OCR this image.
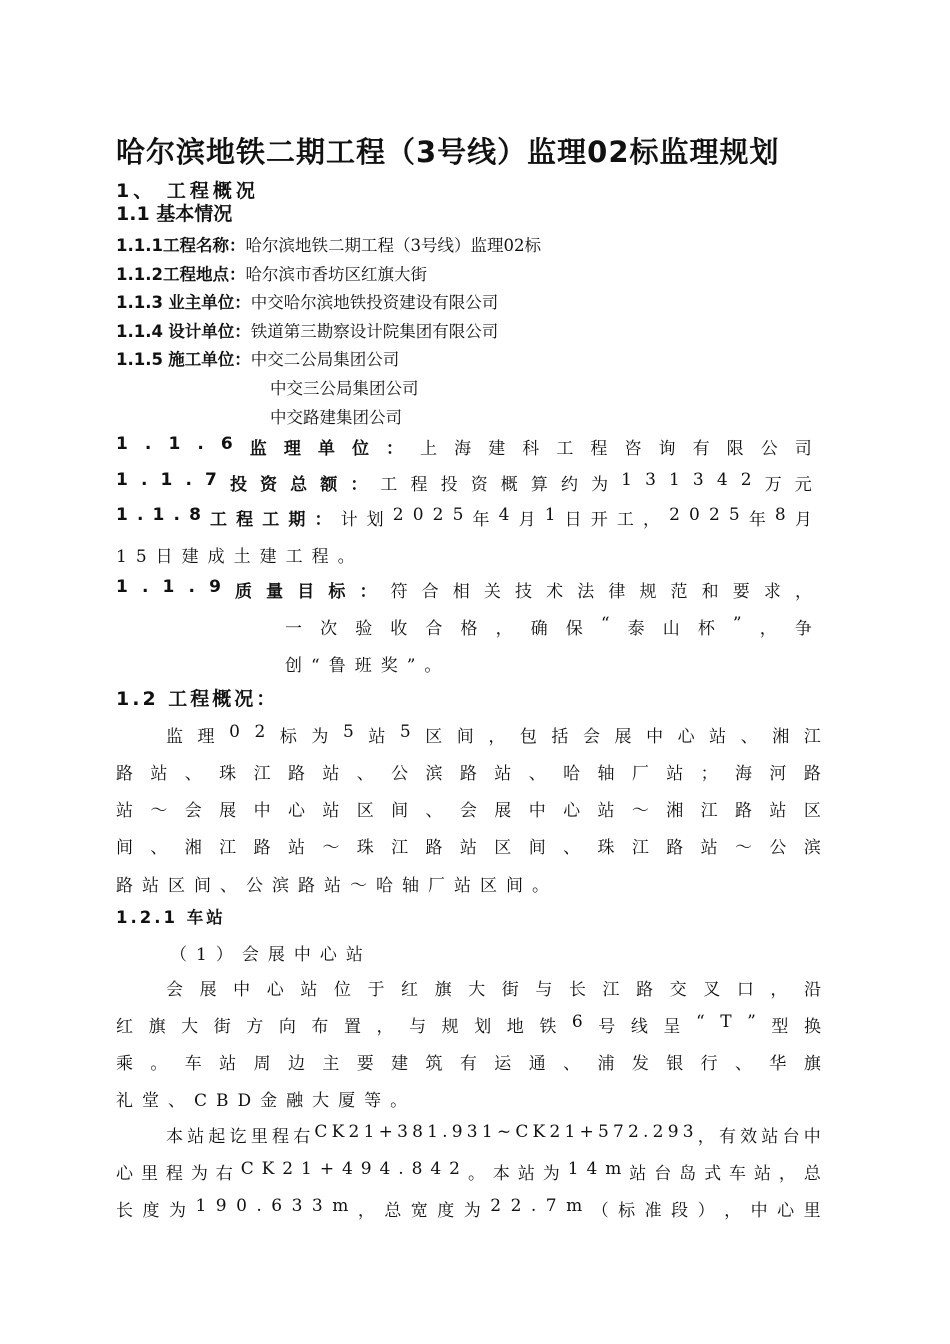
哈尔滨地铁二期工程（3号线）监理02标监理规划
1、 工程概况
1.1 基本情况
1.1.1工程名称：哈尔滨地铁二期工程（3号线）监理02标
1.1.2工程地点：哈尔滨市香坊区红旗大街
1.1.3 业主单位：中交哈尔滨地铁投资建设有限公司
1.1.4 设计单位：铁道第三勘察设计院集团有限公司
1.1.5 施工单位：中交二公局集团公司
中交三公局集团公司
中交路建集团公司
1 . 1 . 6 监 理 单 位 ： 上 海 建 科 工 程 咨 询 有 限 公 司
1 . 1 . 7 投 资 总 额 ： 工 程 投 资 概 算 约 为 1 3 1 3 4 2 万 元
1 . 1 . 8 工 程 工 期 ： 计 划 2 0 2 5 年 4 月 1 日 开 工 ， 2 0 2 5 年 8 月
15日建成土建工程。
1 . 1 . 9 质 量 目 标 ： 符 合 相 关 技 术 法 律 规 范 和 要 求 ，
一 次 验 收 合 格 ， 确 保 “ 泰 山 杯 ” ， 争
创“鲁班奖”。
1.2 工程概况：
监 理 0 2 标 为 5 站 5 区 间 ， 包 括 会 展 中 心 站 、 湘 江
路 站 、 珠 江 路 站 、 公 滨 路 站 、 哈 轴 厂 站 ； 海 河 路
站 ～ 会 展 中 心 站 区 间 、 会 展 中 心 站 ～ 湘 江 路 站 区
间 、 湘 江 路 站 ～ 珠 江 路 站 区 间 、 珠 江 路 站 ～ 公 滨
路站区间、公滨路站～哈轴厂站区间。
1.2.1 车站
（1）会展中心站
会 展 中 心 站 位 于 红 旗 大 街 与 长 江 路 交 叉 口 ， 沿
红 旗 大 街 方 向 布 置 ， 与 规 划 地 铁 6 号 线 呈 “ T ” 型 换
乘 。 车 站 周 边 主 要 建 筑 有 运 通 、 浦 发 银 行 、 华 旗
礼堂、CBD金融大厦等。
本 站 起 讫 里 程 右 C K 2 1 + 3 8 1 . 9 3 1 ~ C K 2 1 + 5 7 2 . 2 9 3 ， 有 效 站 台 中
心 里 程 为 右 C K 2 1 + 4 9 4 . 8 4 2 。 本 站 为 1 4 m 站 台 岛 式 车 站 ， 总
长 度 为 1 9 0 . 6 3 3 m ， 总 宽 度 为 2 2 . 7 m （ 标 准 段 ） ， 中 心 里
